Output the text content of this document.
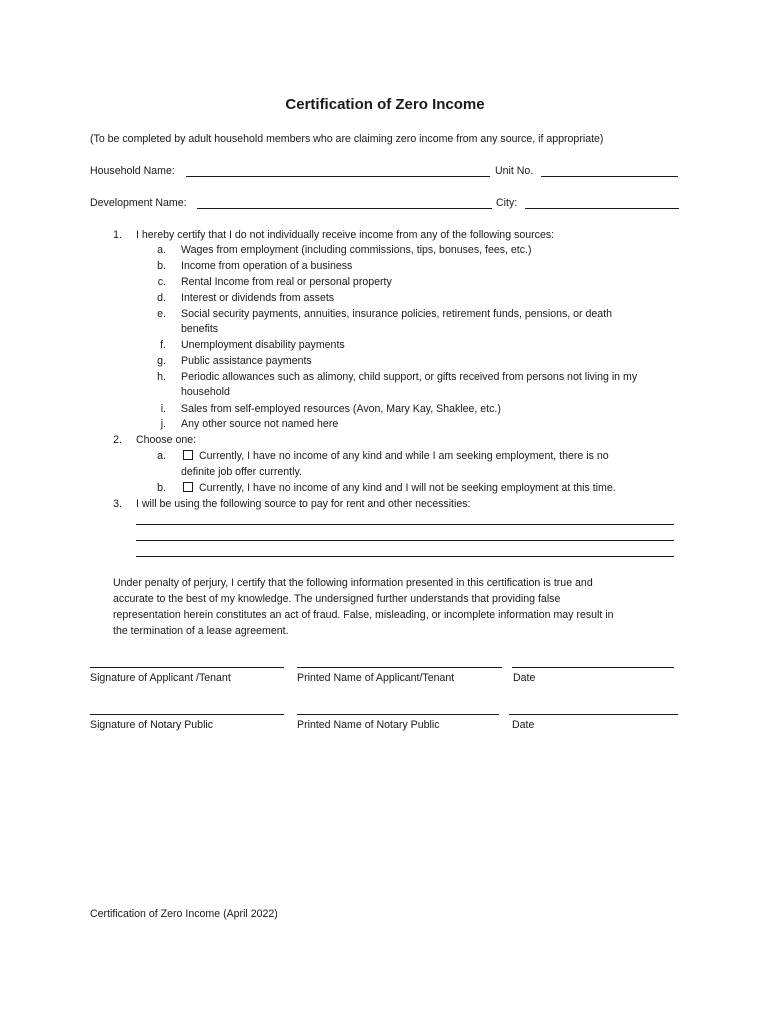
Certification of Zero Income
(To be completed by adult household members who are claiming zero income from any source, if appropriate)
Household Name:	Unit No.
Development Name:	City:
1. I hereby certify that I do not individually receive income from any of the following sources:
a. Wages from employment (including commissions, tips, bonuses, fees, etc.)
b. Income from operation of a business
c. Rental Income from real or personal property
d. Interest or dividends from assets
e. Social security payments, annuities, insurance policies, retirement funds, pensions, or death
benefits
f. Unemployment disability payments
g. Public assistance payments
h. Periodic allowances such as alimony, child support, or gifts received from persons not living in my
household
i. Sales from self-employed resources (Avon, Mary Kay, Shaklee, etc.)
j. Any other source not named here
2. Choose one:
a.	Currently, I have no income of any kind and while I am seeking employment, there is no
definite job offer currently.
b.	Currently, I have no income of any kind and I will not be seeking employment at this time.
3. I will be using the following source to pay for rent and other necessities:
Under penalty of perjury, I certify that the following information presented in this certification is true and
accurate to the best of my knowledge. The undersigned further understands that providing false
representation herein constitutes an act of fraud. False, misleading, or incomplete information may result in
the termination of a lease agreement.
Signature of Applicant /Tenant	Printed Name of Applicant/Tenant	Date
Signature of Notary Public	Printed Name of Notary Public	Date
Certification of Zero Income (April 2022)
